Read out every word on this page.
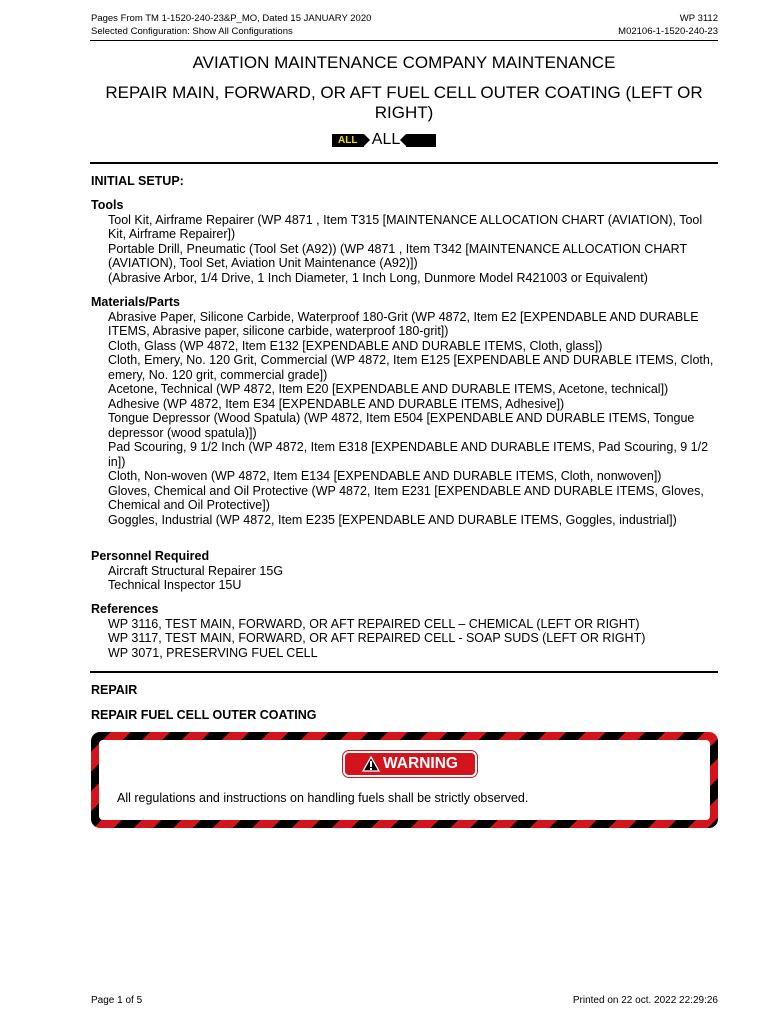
Pages From TM 1-1520-240-23&P_MO, Dated 15 JANUARY 2020	WP 3112
Selected Configuration: Show All Configurations	M02106-1-1520-240-23
AVIATION MAINTENANCE COMPANY MAINTENANCE
REPAIR MAIN, FORWARD, OR AFT FUEL CELL OUTER COATING (LEFT OR RIGHT)
ALL ALL
INITIAL SETUP:
Tools
Tool Kit, Airframe Repairer (WP 4871 , Item T315 [MAINTENANCE ALLOCATION CHART (AVIATION), Tool Kit, Airframe Repairer])
Portable Drill, Pneumatic (Tool Set (A92)) (WP 4871 , Item T342 [MAINTENANCE ALLOCATION CHART (AVIATION), Tool Set, Aviation Unit Maintenance (A92)])
(Abrasive Arbor, 1/4 Drive, 1 Inch Diameter, 1 Inch Long, Dunmore Model R421003 or Equivalent)
Materials/Parts
Abrasive Paper, Silicone Carbide, Waterproof 180-Grit (WP 4872, Item E2 [EXPENDABLE AND DURABLE ITEMS, Abrasive paper, silicone carbide, waterproof 180-grit])
Cloth, Glass (WP 4872, Item E132 [EXPENDABLE AND DURABLE ITEMS, Cloth, glass])
Cloth, Emery, No. 120 Grit, Commercial (WP 4872, Item E125 [EXPENDABLE AND DURABLE ITEMS, Cloth, emery, No. 120 grit, commercial grade])
Acetone, Technical (WP 4872, Item E20 [EXPENDABLE AND DURABLE ITEMS, Acetone, technical])
Adhesive (WP 4872, Item E34 [EXPENDABLE AND DURABLE ITEMS, Adhesive])
Tongue Depressor (Wood Spatula) (WP 4872, Item E504 [EXPENDABLE AND DURABLE ITEMS, Tongue depressor (wood spatula)])
Pad Scouring, 9 1/2 Inch (WP 4872, Item E318 [EXPENDABLE AND DURABLE ITEMS, Pad Scouring, 9 1/2 in])
Cloth, Non-woven (WP 4872, Item E134 [EXPENDABLE AND DURABLE ITEMS, Cloth, nonwoven])
Gloves, Chemical and Oil Protective (WP 4872, Item E231 [EXPENDABLE AND DURABLE ITEMS, Gloves, Chemical and Oil Protective])
Goggles, Industrial (WP 4872, Item E235 [EXPENDABLE AND DURABLE ITEMS, Goggles, industrial])
Personnel Required
Aircraft Structural Repairer 15G
Technical Inspector 15U
References
WP 3116, TEST MAIN, FORWARD, OR AFT REPAIRED CELL – CHEMICAL (LEFT OR RIGHT)
WP 3117, TEST MAIN, FORWARD, OR AFT REPAIRED CELL - SOAP SUDS (LEFT OR RIGHT)
WP 3071, PRESERVING FUEL CELL
REPAIR
REPAIR FUEL CELL OUTER COATING
WARNING
All regulations and instructions on handling fuels shall be strictly observed.
Page 1 of 5	Printed on 22 oct. 2022 22:29:26
